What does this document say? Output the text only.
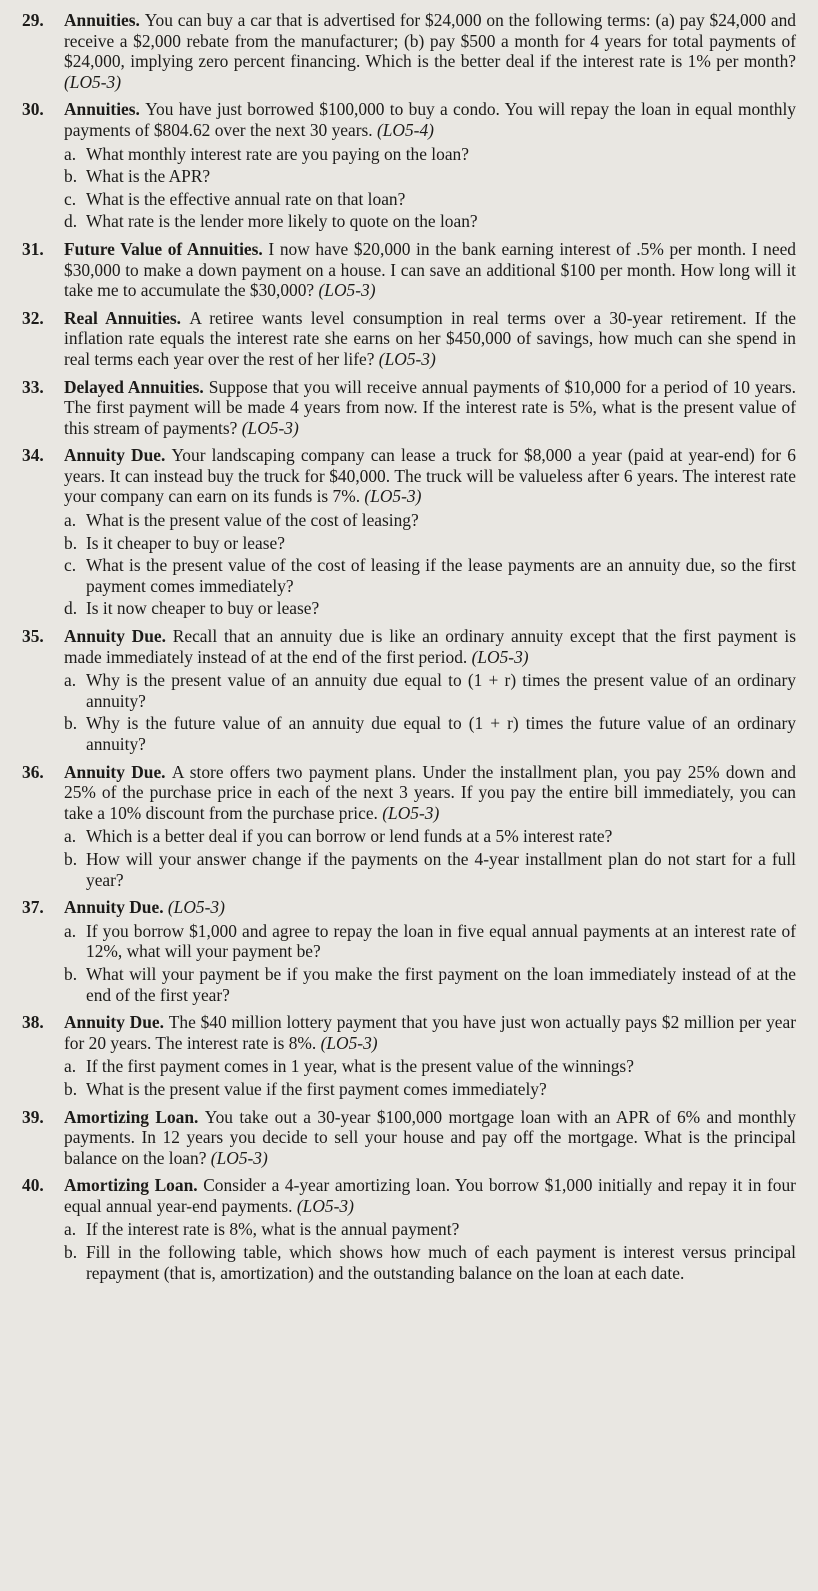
29. Annuities. You can buy a car that is advertised for $24,000 on the following terms: (a) pay $24,000 and receive a $2,000 rebate from the manufacturer; (b) pay $500 a month for 4 years for total payments of $24,000, implying zero percent financing. Which is the better deal if the interest rate is 1% per month? (LO5-3)
30. Annuities. You have just borrowed $100,000 to buy a condo. You will repay the loan in equal monthly payments of $804.62 over the next 30 years. (LO5-4)
a. What monthly interest rate are you paying on the loan?
b. What is the APR?
c. What is the effective annual rate on that loan?
d. What rate is the lender more likely to quote on the loan?
31. Future Value of Annuities. I now have $20,000 in the bank earning interest of .5% per month. I need $30,000 to make a down payment on a house. I can save an additional $100 per month. How long will it take me to accumulate the $30,000? (LO5-3)
32. Real Annuities. A retiree wants level consumption in real terms over a 30-year retirement. If the inflation rate equals the interest rate she earns on her $450,000 of savings, how much can she spend in real terms each year over the rest of her life? (LO5-3)
33. Delayed Annuities. Suppose that you will receive annual payments of $10,000 for a period of 10 years. The first payment will be made 4 years from now. If the interest rate is 5%, what is the present value of this stream of payments? (LO5-3)
34. Annuity Due. Your landscaping company can lease a truck for $8,000 a year (paid at year-end) for 6 years. It can instead buy the truck for $40,000. The truck will be valueless after 6 years. The interest rate your company can earn on its funds is 7%. (LO5-3)
a. What is the present value of the cost of leasing?
b. Is it cheaper to buy or lease?
c. What is the present value of the cost of leasing if the lease payments are an annuity due, so the first payment comes immediately?
d. Is it now cheaper to buy or lease?
35. Annuity Due. Recall that an annuity due is like an ordinary annuity except that the first payment is made immediately instead of at the end of the first period. (LO5-3)
a. Why is the present value of an annuity due equal to (1 + r) times the present value of an ordinary annuity?
b. Why is the future value of an annuity due equal to (1 + r) times the future value of an ordinary annuity?
36. Annuity Due. A store offers two payment plans. Under the installment plan, you pay 25% down and 25% of the purchase price in each of the next 3 years. If you pay the entire bill immediately, you can take a 10% discount from the purchase price. (LO5-3)
a. Which is a better deal if you can borrow or lend funds at a 5% interest rate?
b. How will your answer change if the payments on the 4-year installment plan do not start for a full year?
37. Annuity Due. (LO5-3)
a. If you borrow $1,000 and agree to repay the loan in five equal annual payments at an interest rate of 12%, what will your payment be?
b. What will your payment be if you make the first payment on the loan immediately instead of at the end of the first year?
38. Annuity Due. The $40 million lottery payment that you have just won actually pays $2 million per year for 20 years. The interest rate is 8%. (LO5-3)
a. If the first payment comes in 1 year, what is the present value of the winnings?
b. What is the present value if the first payment comes immediately?
39. Amortizing Loan. You take out a 30-year $100,000 mortgage loan with an APR of 6% and monthly payments. In 12 years you decide to sell your house and pay off the mortgage. What is the principal balance on the loan? (LO5-3)
40. Amortizing Loan. Consider a 4-year amortizing loan. You borrow $1,000 initially and repay it in four equal annual year-end payments. (LO5-3)
a. If the interest rate is 8%, what is the annual payment?
b. Fill in the following table, which shows how much of each payment is interest versus principal repayment (that is, amortization) and the outstanding balance on the loan at each date.
